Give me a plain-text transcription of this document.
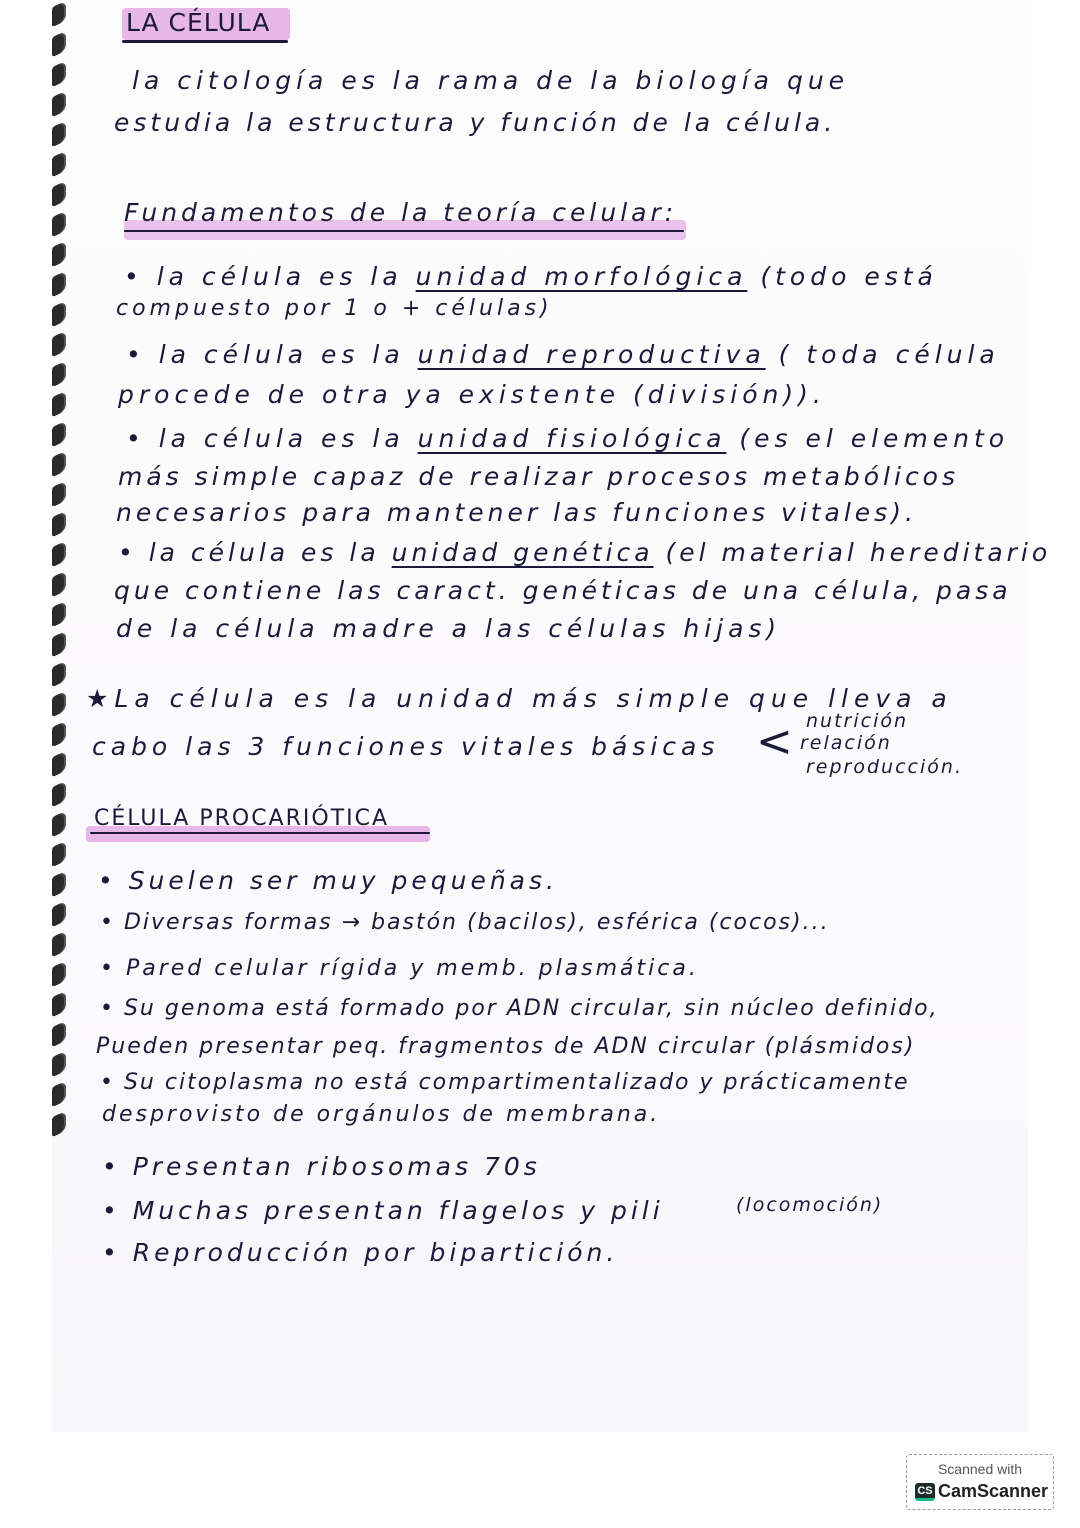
LA CÉLULA
la citología es la rama de la biología que
estudia la estructura y función de la célula.
Fundamentos de la teoría celular:
• la célula es la unidad morfológica (todo está
compuesto por 1 o + células)
• la célula es la unidad reproductiva ( toda célula
procede de otra ya existente (división)).
• la célula es la unidad fisiológica (es el elemento
más simple capaz de realizar procesos metabólicos
necesarios para mantener las funciones vitales).
• la célula es la unidad genética (el material hereditario
que contiene las caract. genéticas de una célula, pasa
de la célula madre a las células hijas)
★La célula es la unidad más simple que lleva a
cabo las 3 funciones vitales básicas < nutrición
relación
reproducción.
CÉLULA PROCARIÓTICA
• Suelen ser muy pequeñas.
• Diversas formas → bastón (bacilos), esférica (cocos)...
• Pared celular rígida y memb. plasmática.
• Su genoma está formado por ADN circular, sin núcleo definido,
Pueden presentar peq. fragmentos de ADN circular (plásmidos)
• Su citoplasma no está compartimentalizado y prácticamente
desprovisto de orgánulos de membrana.
• Presentan ribosomas 70s
• Muchas presentan flagelos y pili	(locomoción)
• Reproducción por bipartición.
Scanned with
CS CamScanner
